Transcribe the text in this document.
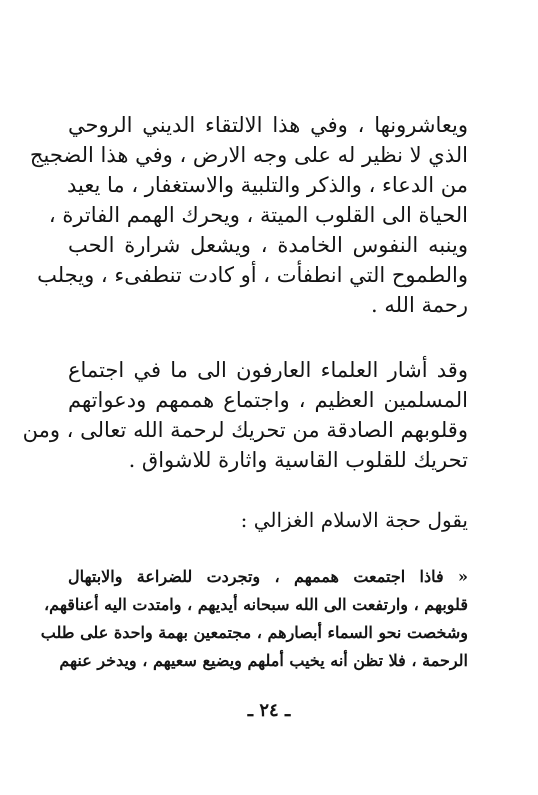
ويعاشرونها ، وفي هذا الالتقاء الديني الروحي
الذي لا نظير له على وجه الارض ، وفي هذا الضجيج
من الدعاء ، والذكر والتلبية والاستغفار ، ما يعيد
الحياة الى القلوب الميتة ، ويحرك الهمم الفاترة ،
وينبه النفوس الخامدة ، ويشعل شرارة الحب
والطموح التي انطفأت ، أو كادت تنطفىء ، ويجلب
رحمة الله .
وقد أشار العلماء العارفون الى ما في اجتماع
المسلمين العظيم ، واجتماع هممهم ودعواتهم
وقلوبهم الصادقة من تحريك لرحمة الله تعالى ، ومن
تحريك للقلوب القاسية واثارة للاشواق .
يقول حجة الاسلام الغزالي :
« فاذا اجتمعت هممهم ، وتجردت للضراعة والابتهال
قلوبهم ، وارتفعت الى الله سبحانه أيديهم ، وامتدت اليه أعناقهم،
وشخصت نحو السماء أبصارهم ، مجتمعين بهمة واحدة على طلب
الرحمة ، فلا تظن أنه يخيب أملهم ويضيع سعيهم ، ويدخر عنهم
ـ ٢٤ ـ
